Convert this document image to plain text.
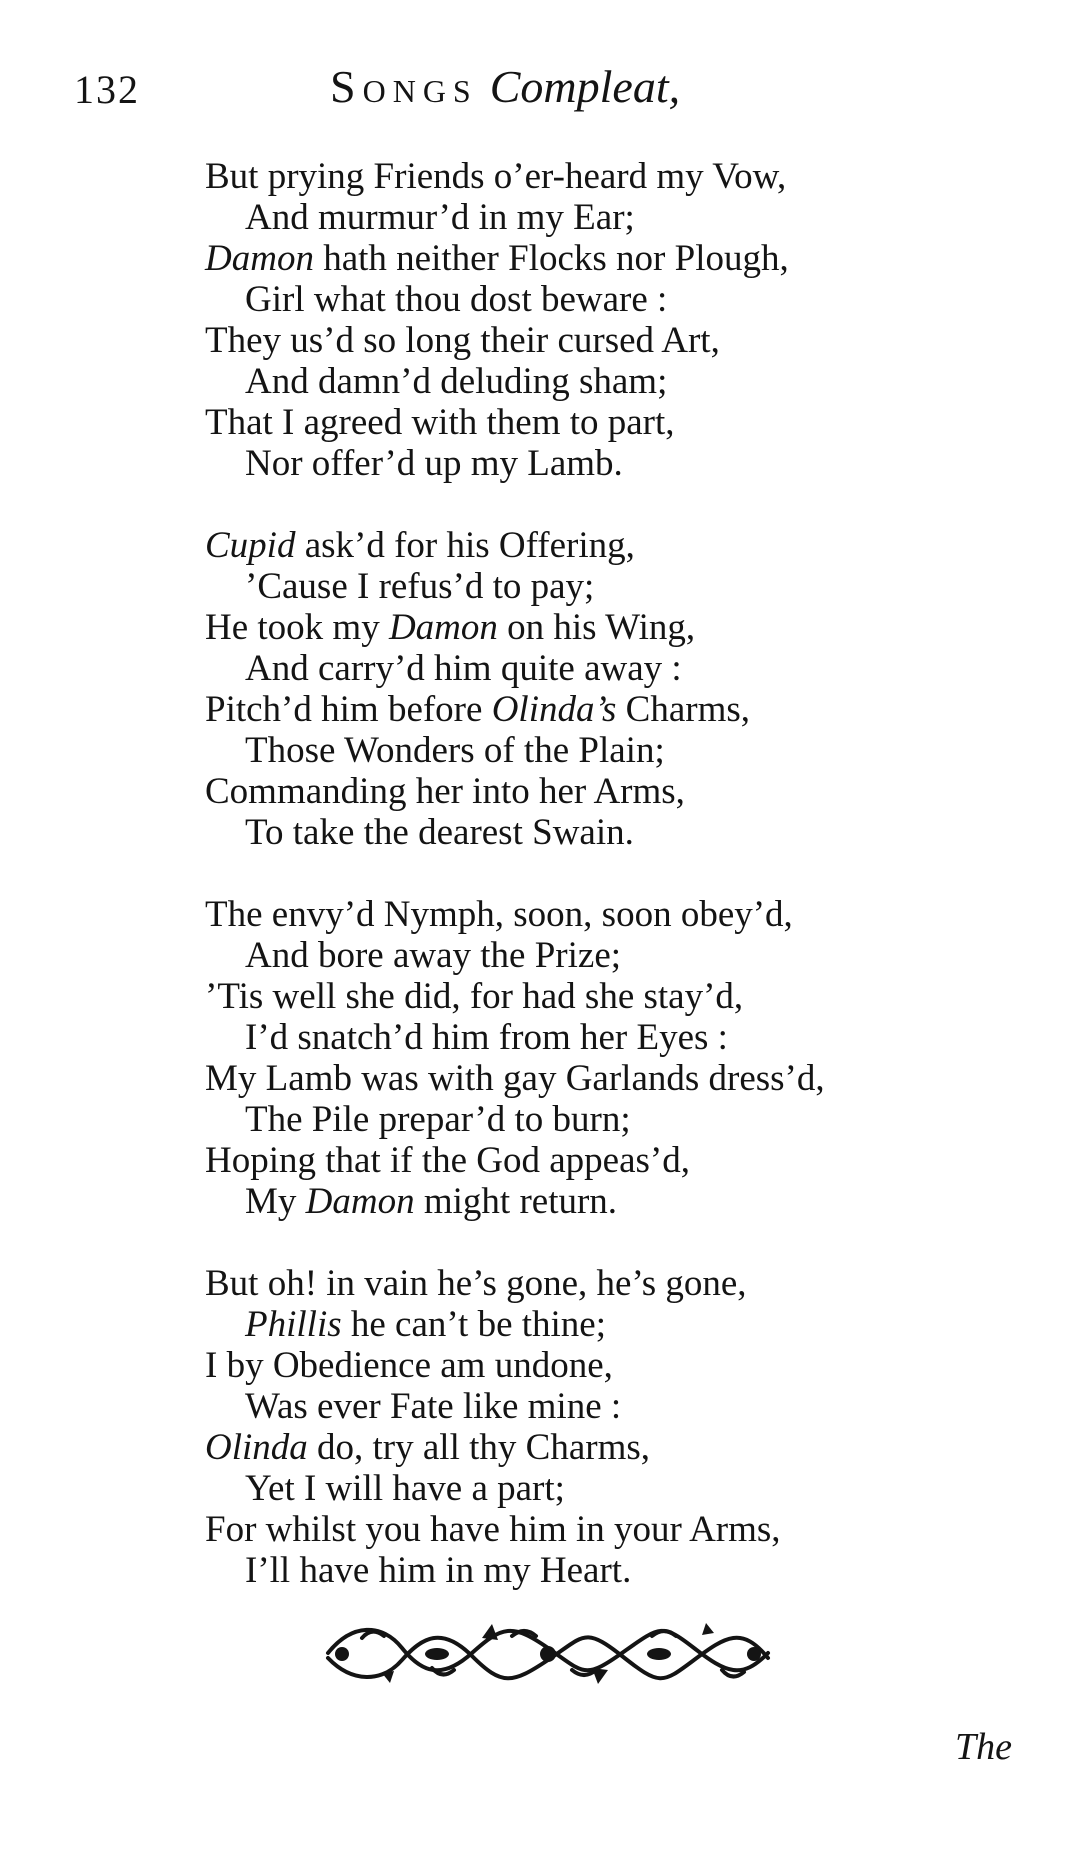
132	SONGS Compleat,
But prying Friends o’er-heard my Vow,
And murmur’d in my Ear;
Damon hath neither Flocks nor Plough,
Girl what thou dost beware :
They us’d so long their cursed Art,
And damn’d deluding sham;
That I agreed with them to part,
Nor offer’d up my Lamb.
Cupid ask’d for his Offering,
’Cause I refus’d to pay;
He took my Damon on his Wing,
And carry’d him quite away :
Pitch’d him before Olinda’s Charms,
Those Wonders of the Plain;
Commanding her into her Arms,
To take the dearest Swain.
The envy’d Nymph, soon, soon obey’d,
And bore away the Prize;
’Tis well she did, for had she stay’d,
I’d snatch’d him from her Eyes :
My Lamb was with gay Garlands dress’d,
The Pile prepar’d to burn;
Hoping that if the God appeas’d,
My Damon might return.
But oh! in vain he’s gone, he’s gone,
Phillis he can’t be thine;
I by Obedience am undone,
Was ever Fate like mine :
Olinda do, try all thy Charms,
Yet I will have a part;
For whilst you have him in your Arms,
I’ll have him in my Heart.
The
